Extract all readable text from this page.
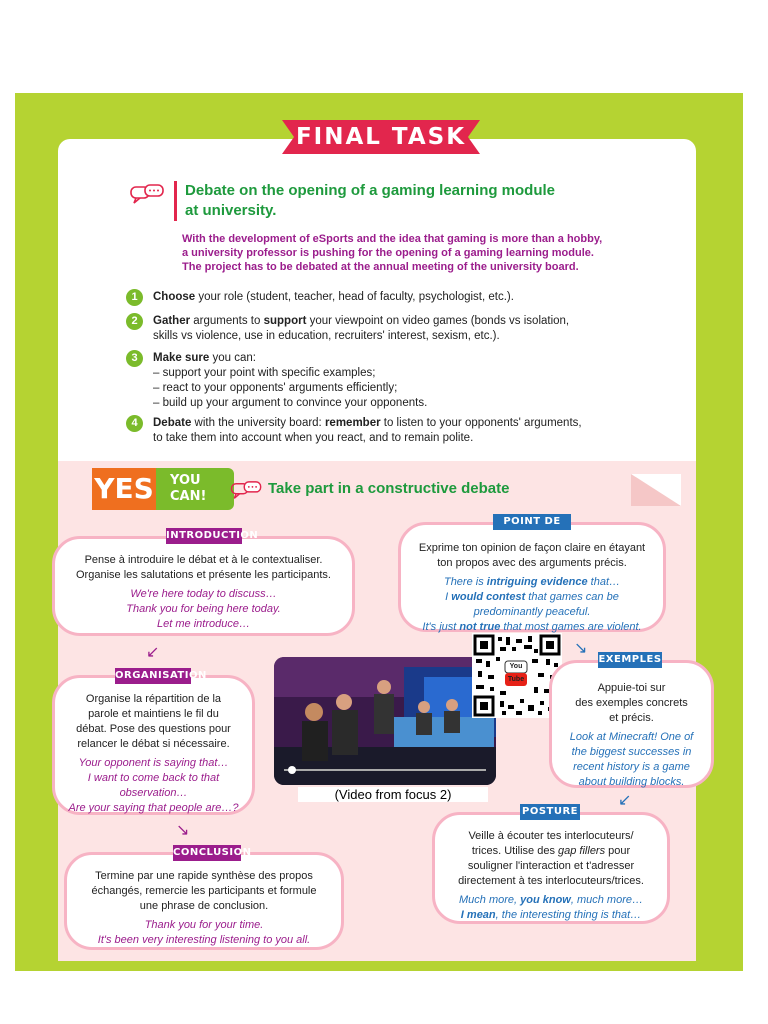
FINAL TASK
Debate on the opening of a gaming learning module
at university.
With the development of eSports and the idea that gaming is more than a hobby,
a university professor is pushing for the opening of a gaming learning module.
The project has to be debated at the annual meeting of the university board.
1	Choose your role (student, teacher, head of faculty, psychologist, etc.).
2	Gather arguments to support your viewpoint on video games (bonds vs isolation,
skills vs violence, use in education, recruiters' interest, sexism, etc.).
3	Make sure you can:
– support your point with specific examples;
– react to your opponents' arguments efficiently;
– build up your argument to convince your opponents.
4	Debate with the university board: remember to listen to your opponents' arguments,
to take them into account when you react, and to remain polite.
YES YOU
CAN!	Take part in a constructive debate

Pense à introduire le débat et à le contextualiser.

Organise les salutations et présente les participants.

We're here today to discuss…

Thank you for being here today.

Let me introduce…

INTRODUCTION

Exprime ton opinion de façon claire en étayant

ton propos avec des arguments précis.

There is intriguing evidence that…

I would contest that games can be

predominantly peaceful.

It's just not true that most games are violent.

POINT DE VUE
↙

Organise la répartition de la

parole et maintiens le fil du

débat. Pose des questions pour

relancer le débat si nécessaire.

Your opponent is saying that…

I want to come back to that

observation…

Are your saying that people are…?

ORGANISATION
(Video from focus 2)
You Tube
↘

Appuie-toi sur

des exemples concrets

et précis.

Look at Minecraft! One of

the biggest successes in

recent history is a game

about building blocks.

EXEMPLES
↙

Veille à écouter tes interlocuteurs/

trices. Utilise des gap fillers pour

souligner l'interaction et t'adresser

directement à tes interlocuteurs/trices.

Much more, you know, much more…

I mean, the interesting thing is that…

POSTURE
↘

Termine par une rapide synthèse des propos

échangés, remercie les participants et formule

une phrase de conclusion.

Thank you for your time.

It's been very interesting listening to you all.

CONCLUSION
